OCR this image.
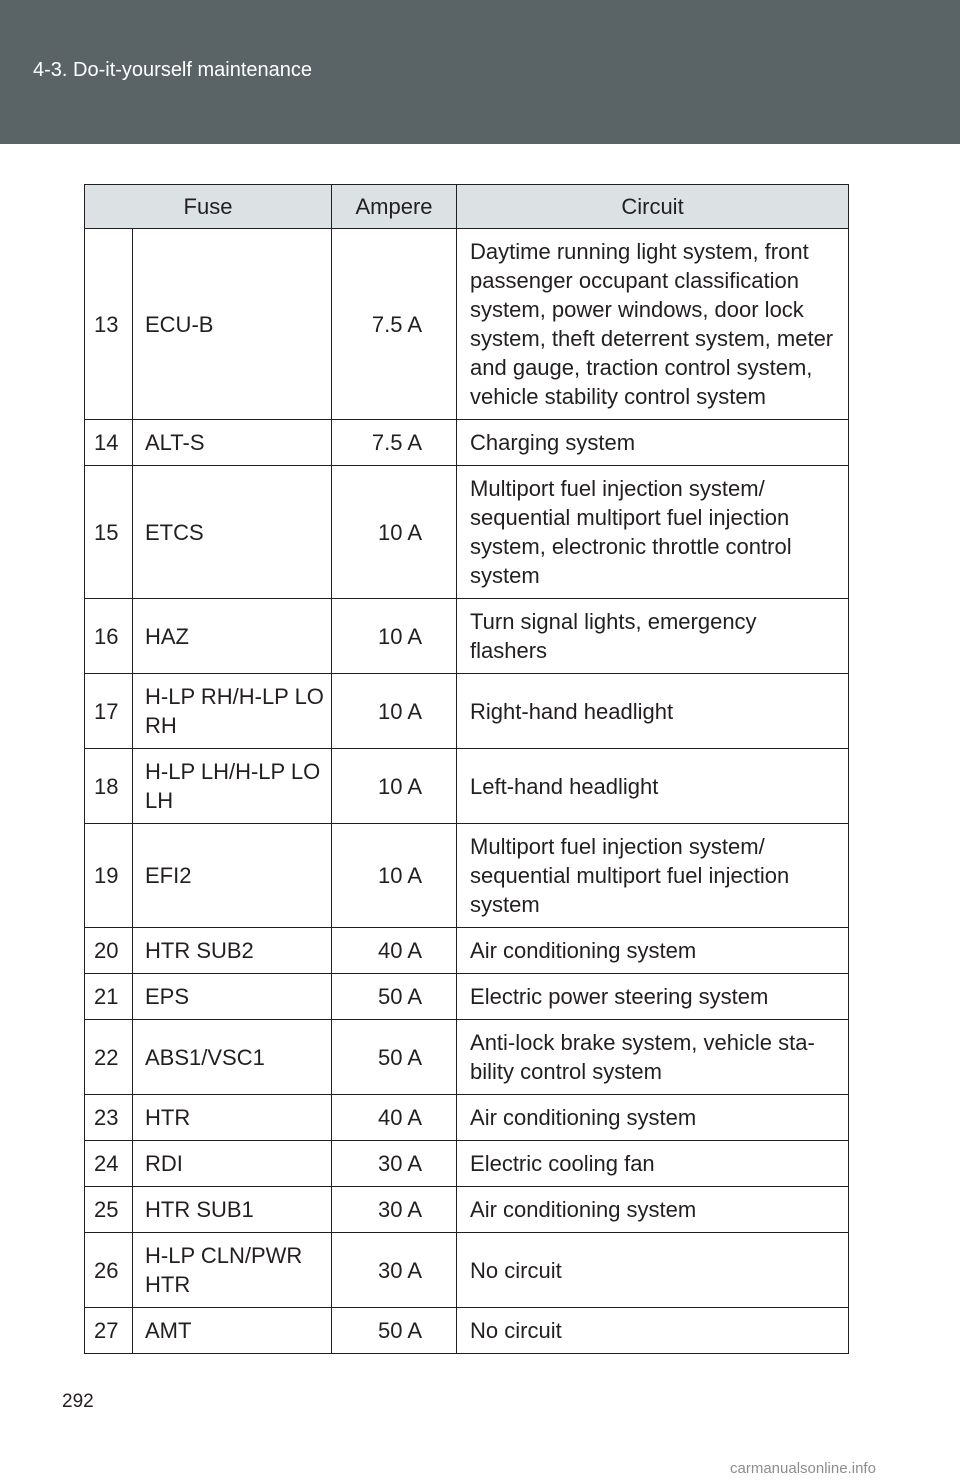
4-3. Do-it-yourself maintenance
Fuse		Ampere	Circuit
13	ECU-B	7.5 A	Daytime running light system, front passenger occupant classification system, power windows, door lock system, theft deterrent system, meter and gauge, traction control system, vehicle stability control system
14	ALT-S	7.5 A	Charging system
15	ETCS	10 A	Multiport fuel injection system/ sequential multiport fuel injection system, electronic throttle control system
16	HAZ	10 A	Turn signal lights, emergency flashers
17	H-LP RH/H-LP LO RH	10 A	Right-hand headlight
18	H-LP LH/H-LP LO LH	10 A	Left-hand headlight
19	EFI2	10 A	Multiport fuel injection system/ sequential multiport fuel injection system
20	HTR SUB2	40 A	Air conditioning system
21	EPS	50 A	Electric power steering system
22	ABS1/VSC1	50 A	Anti-lock brake system, vehicle sta-bility control system
23	HTR	40 A	Air conditioning system
24	RDI	30 A	Electric cooling fan
25	HTR SUB1	30 A	Air conditioning system
26	H-LP CLN/PWR HTR	30 A	No circuit
27	AMT	50 A	No circuit
292
carmanualsonline.info
